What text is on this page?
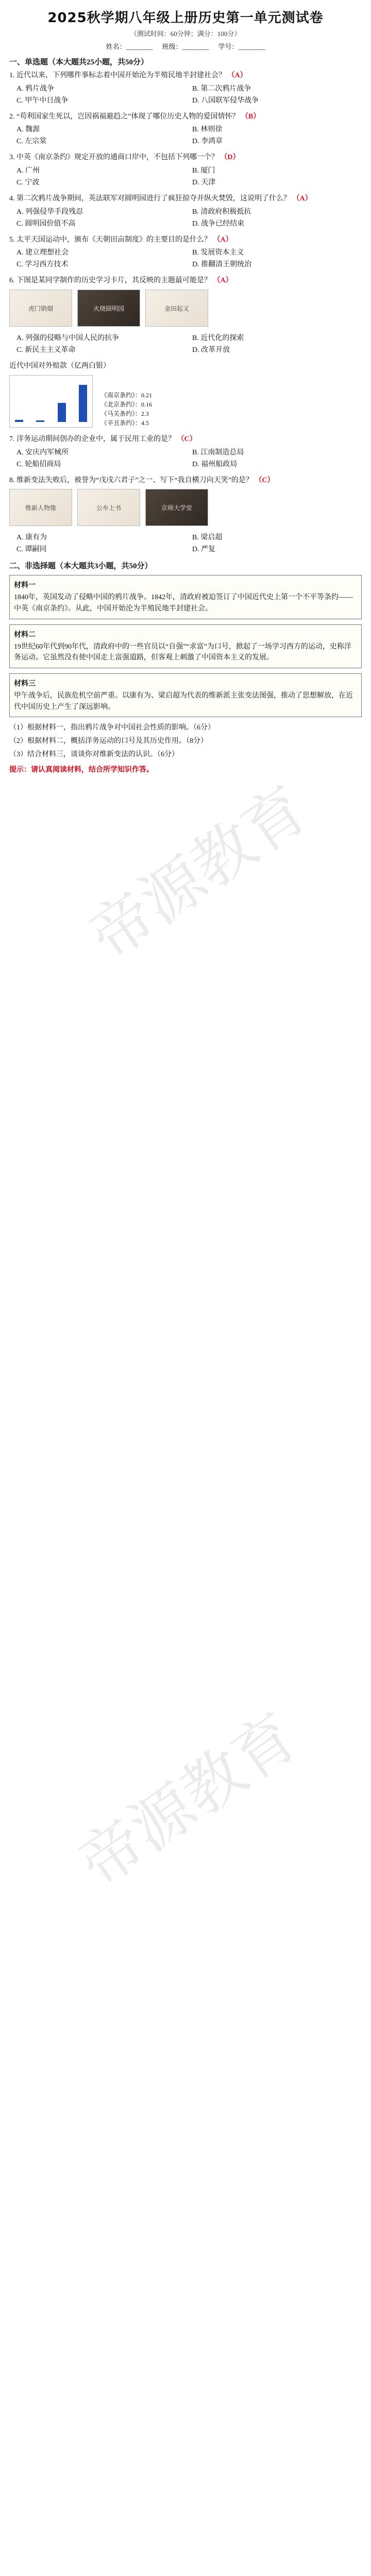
2025秋学期八年级上册历史第一单元测试卷
（测试时间：60分钟；满分：100分）
姓名：________ 班级：________ 学号：________
一、单选题（本大题共25小题，共50分）
1. 近代以来，下列哪件事标志着中国开始沦为半殖民地半封建社会？ （A）
A. 鸦片战争	B. 第二次鸦片战争
C. 甲午中日战争	D. 八国联军侵华战争
2. “苟利国家生死以，岂因祸福避趋之”体现了哪位历史人物的爱国情怀？ （B）
A. 魏源	B. 林则徐
C. 左宗棠	D. 李鸿章
3. 中英《南京条约》规定开放的通商口岸中，不包括下列哪一个？ （D）
A. 广州	B. 厦门
C. 宁波	D. 天津
4. 第二次鸦片战争期间，英法联军对圆明园进行了疯狂掠夺并纵火焚毁，这说明了什么？ （A）
A. 列强侵华手段残忍	B. 清政府积极抵抗
C. 圆明园价值不高	D. 战争已经结束
5. 太平天国运动中，颁布《天朝田亩制度》的主要目的是什么？ （A）
A. 建立理想社会	B. 发展资本主义
C. 学习西方技术	D. 推翻清王朝统治
6. 下图是某同学制作的历史学习卡片，其反映的主题最可能是？ （A）
虎门销烟	火烧圆明园	金田起义
A. 列强的侵略与中国人民的抗争	B. 近代化的探索
C. 新民主主义革命	D. 改革开放
近代中国对外赔款（亿两白银）
《南京条约》：0.21
《北京条约》：0.16
《马关条约》：2.3
《辛丑条约》：4.5
7. 洋务运动期间创办的企业中，属于民用工业的是？ （C）
A. 安庆内军械所	B. 江南制造总局
C. 轮船招商局	D. 福州船政局
8. 维新变法失败后，被誉为“戊戌六君子”之一、写下“我自横刀向天笑”的是？ （C）
维新人物像	公车上书	京师大学堂
A. 康有为	B. 梁启超
C. 谭嗣同	D. 严复
二、非选择题（本大题共3小题，共50分）
材料一
1840年，英国发动了侵略中国的鸦片战争。1842年，清政府被迫签订了中国近代史上第一个不平等条约——中英《南京条约》。从此，中国开始沦为半殖民地半封建社会。
材料二
19世纪60年代到90年代，清政府中的一些官员以“自强”“求富”为口号，掀起了一场学习西方的运动，史称洋务运动。它虽然没有使中国走上富强道路，但客观上刺激了中国资本主义的发展。
材料三
甲午战争后，民族危机空前严重。以康有为、梁启超为代表的维新派主张变法图强，推动了思想解放，在近代中国历史上产生了深远影响。
（1）根据材料一，指出鸦片战争对中国社会性质的影响。（6分）
（2）根据材料二，概括洋务运动的口号及其历史作用。（8分）
（3）结合材料三，谈谈你对维新变法的认识。（6分）
提示：请认真阅读材料，结合所学知识作答。
帝源教育
帝源教育
